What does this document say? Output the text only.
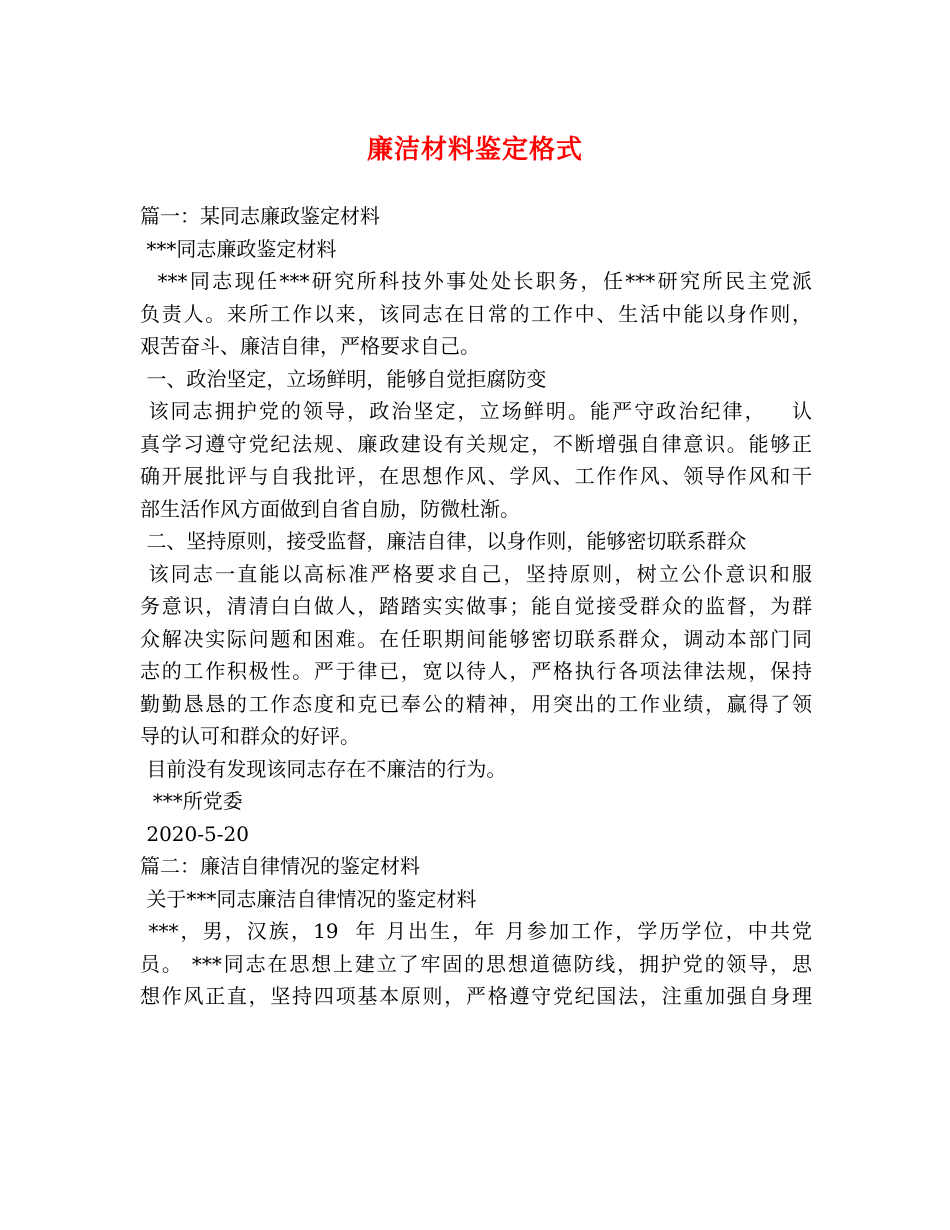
廉洁材料鉴定格式
篇一：某同志廉政鉴定材料
***同志廉政鉴定材料
***同志现任***研究所科技外事处处长职务，任***研究所民主党派
负责人。来所工作以来，该同志在日常的工作中、生活中能以身作则，
艰苦奋斗、廉洁自律，严格要求自己。
一、政治坚定，立场鲜明，能够自觉拒腐防变
该同志拥护党的领导，政治坚定，立场鲜明。能严守政治纪律，   认
真学习遵守党纪法规、廉政建设有关规定，不断增强自律意识。能够正
确开展批评与自我批评，在思想作风、学风、工作作风、领导作风和干
部生活作风方面做到自省自励，防微杜渐。
二、坚持原则，接受监督，廉洁自律，以身作则，能够密切联系群众
该同志一直能以高标准严格要求自己，坚持原则，树立公仆意识和服
务意识，清清白白做人，踏踏实实做事；能自觉接受群众的监督，为群
众解决实际问题和困难。在任职期间能够密切联系群众，调动本部门同
志的工作积极性。严于律已，宽以待人，严格执行各项法律法规，保持
勤勤恳恳的工作态度和克已奉公的精神，用突出的工作业绩，赢得了领
导的认可和群众的好评。
目前没有发现该同志存在不廉洁的行为。
***所党委
2020-5-20
篇二：廉洁自律情况的鉴定材料
关于***同志廉洁自律情况的鉴定材料
***，男，汉族，19  年 月出生，年 月参加工作，学历学位，中共党
员。 ***同志在思想上建立了牢固的思想道德防线，拥护党的领导，思
想作风正直，坚持四项基本原则，严格遵守党纪国法，注重加强自身理
